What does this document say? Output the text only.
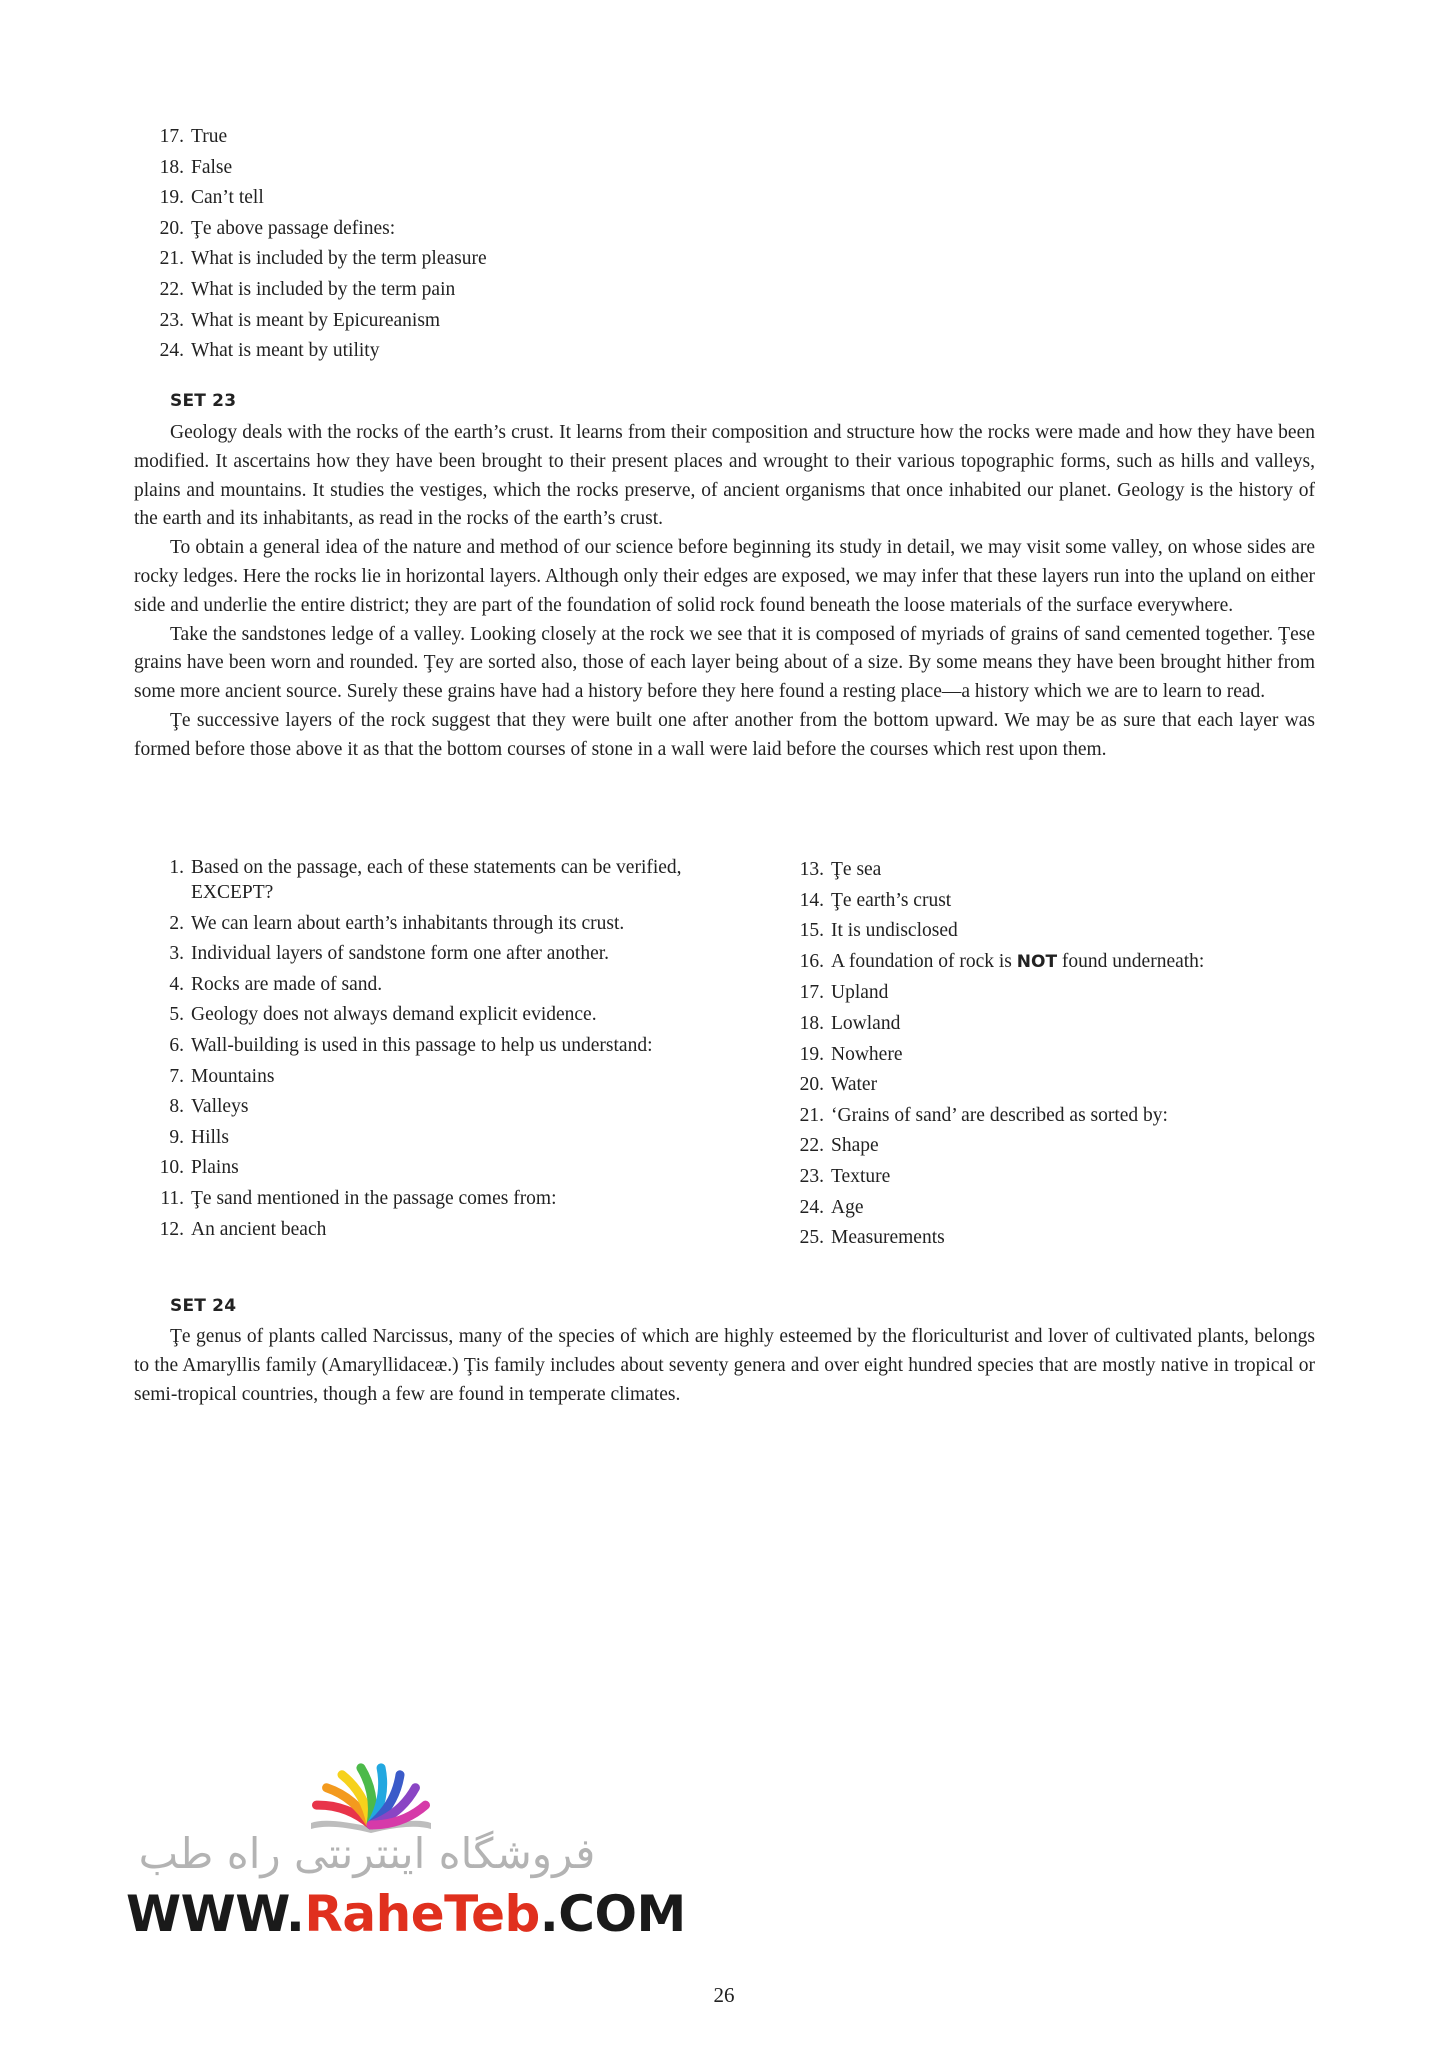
17. True
18. False
19. Can’t tell
20. Ţe above passage defines:
21. What is included by the term pleasure
22. What is included by the term pain
23. What is meant by Epicureanism
24. What is meant by utility
SET 23

Geology deals with the rocks of the earth’s crust. It learns from their composition and structure how the rocks were made and how they have been modified. It ascertains how they have been brought to their present places and wrought to their various topographic forms, such as hills and valleys, plains and mountains. It studies the vestiges, which the rocks preserve, of ancient organisms that once inhabited our planet. Geology is the history of the earth and its inhabitants, as read in the rocks of the earth’s crust.

To obtain a general idea of the nature and method of our science before beginning its study in detail, we may visit some valley, on whose sides are rocky ledges. Here the rocks lie in horizontal layers. Although only their edges are exposed, we may infer that these layers run into the upland on either side and underlie the entire district; they are part of the foundation of solid rock found beneath the loose materials of the surface everywhere.

Take the sandstones ledge of a valley. Looking closely at the rock we see that it is composed of myriads of grains of sand cemented together. Ţese grains have been worn and rounded. Ţey are sorted also, those of each layer being about of a size. By some means they have been brought hither from some more ancient source. Surely these grains have had a history before they here found a resting place—a history which we are to learn to read.

Ţe successive layers of the rock suggest that they were built one after another from the bottom upward. We may be as sure that each layer was formed before those above it as that the bottom courses of stone in a wall were laid before the courses which rest upon them.

1. Based on the passage, each of these statements can be verified, EXCEPT?
2. We can learn about earth’s inhabitants through its crust.
3. Individual layers of sandstone form one after another.
4. Rocks are made of sand.
5. Geology does not always demand explicit evidence.
6. Wall-building is used in this passage to help us understand:
7. Mountains
8. Valleys
9. Hills
10. Plains
11. Ţe sand mentioned in the passage comes from:
12. An ancient beach
13. Ţe sea
14. Ţe earth’s crust
15. It is undisclosed
16. A foundation of rock is NOT found underneath:
17. Upland
18. Lowland
19. Nowhere
20. Water
21. ‘Grains of sand’ are described as sorted by:
22. Shape
23. Texture
24. Age
25. Measurements
SET 24

Ţe genus of plants called Narcissus, many of the species of which are highly esteemed by the floriculturist and lover of cultivated plants, belongs to the Amaryllis family (Amaryllidaceæ.) Ţis family includes about seventy genera and over eight hundred species that are mostly native in tropical or semi-tropical countries, though a few are found in temperate climates.

فروشگاه اینترنتی راه طب
WWW.RaheTeb.COM
26
